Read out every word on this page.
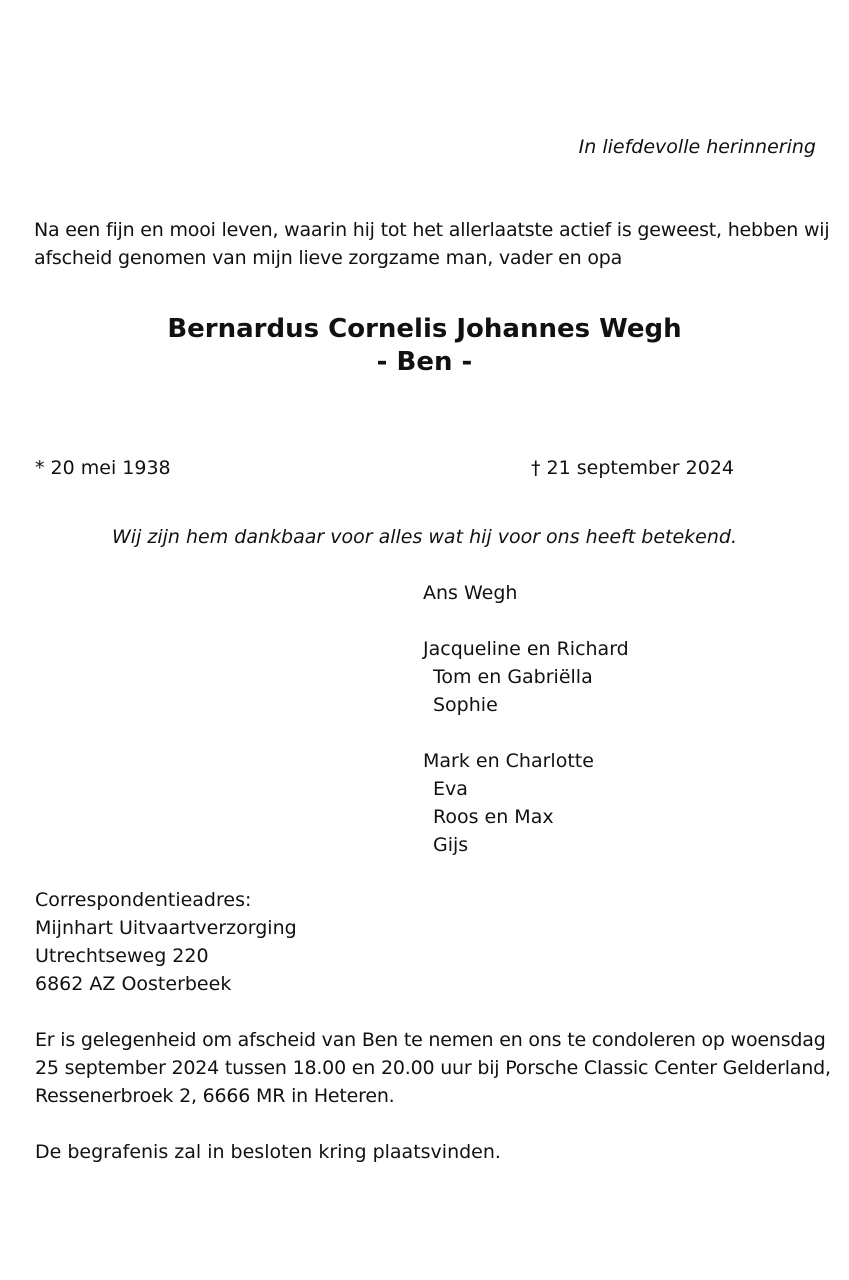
In liefdevolle herinnering
Na een fijn en mooi leven, waarin hij tot het allerlaatste actief is geweest, hebben wij
afscheid genomen van mijn lieve zorgzame man, vader en opa
Bernardus Cornelis Johannes Wegh
- Ben -
* 20 mei 1938	† 21 september 2024
Wij zijn hem dankbaar voor alles wat hij voor ons heeft betekend.
Ans Wegh
Jacqueline en Richard
Tom en Gabriëlla
Sophie
Mark en Charlotte
Eva
Roos en Max
Gijs
Correspondentieadres:
Mijnhart Uitvaartverzorging
Utrechtseweg 220
6862 AZ Oosterbeek
Er is gelegenheid om afscheid van Ben te nemen en ons te condoleren op woensdag
25 september 2024 tussen 18.00 en 20.00 uur bij Porsche Classic Center Gelderland,
Ressenerbroek 2, 6666 MR in Heteren.
De begrafenis zal in besloten kring plaatsvinden.
